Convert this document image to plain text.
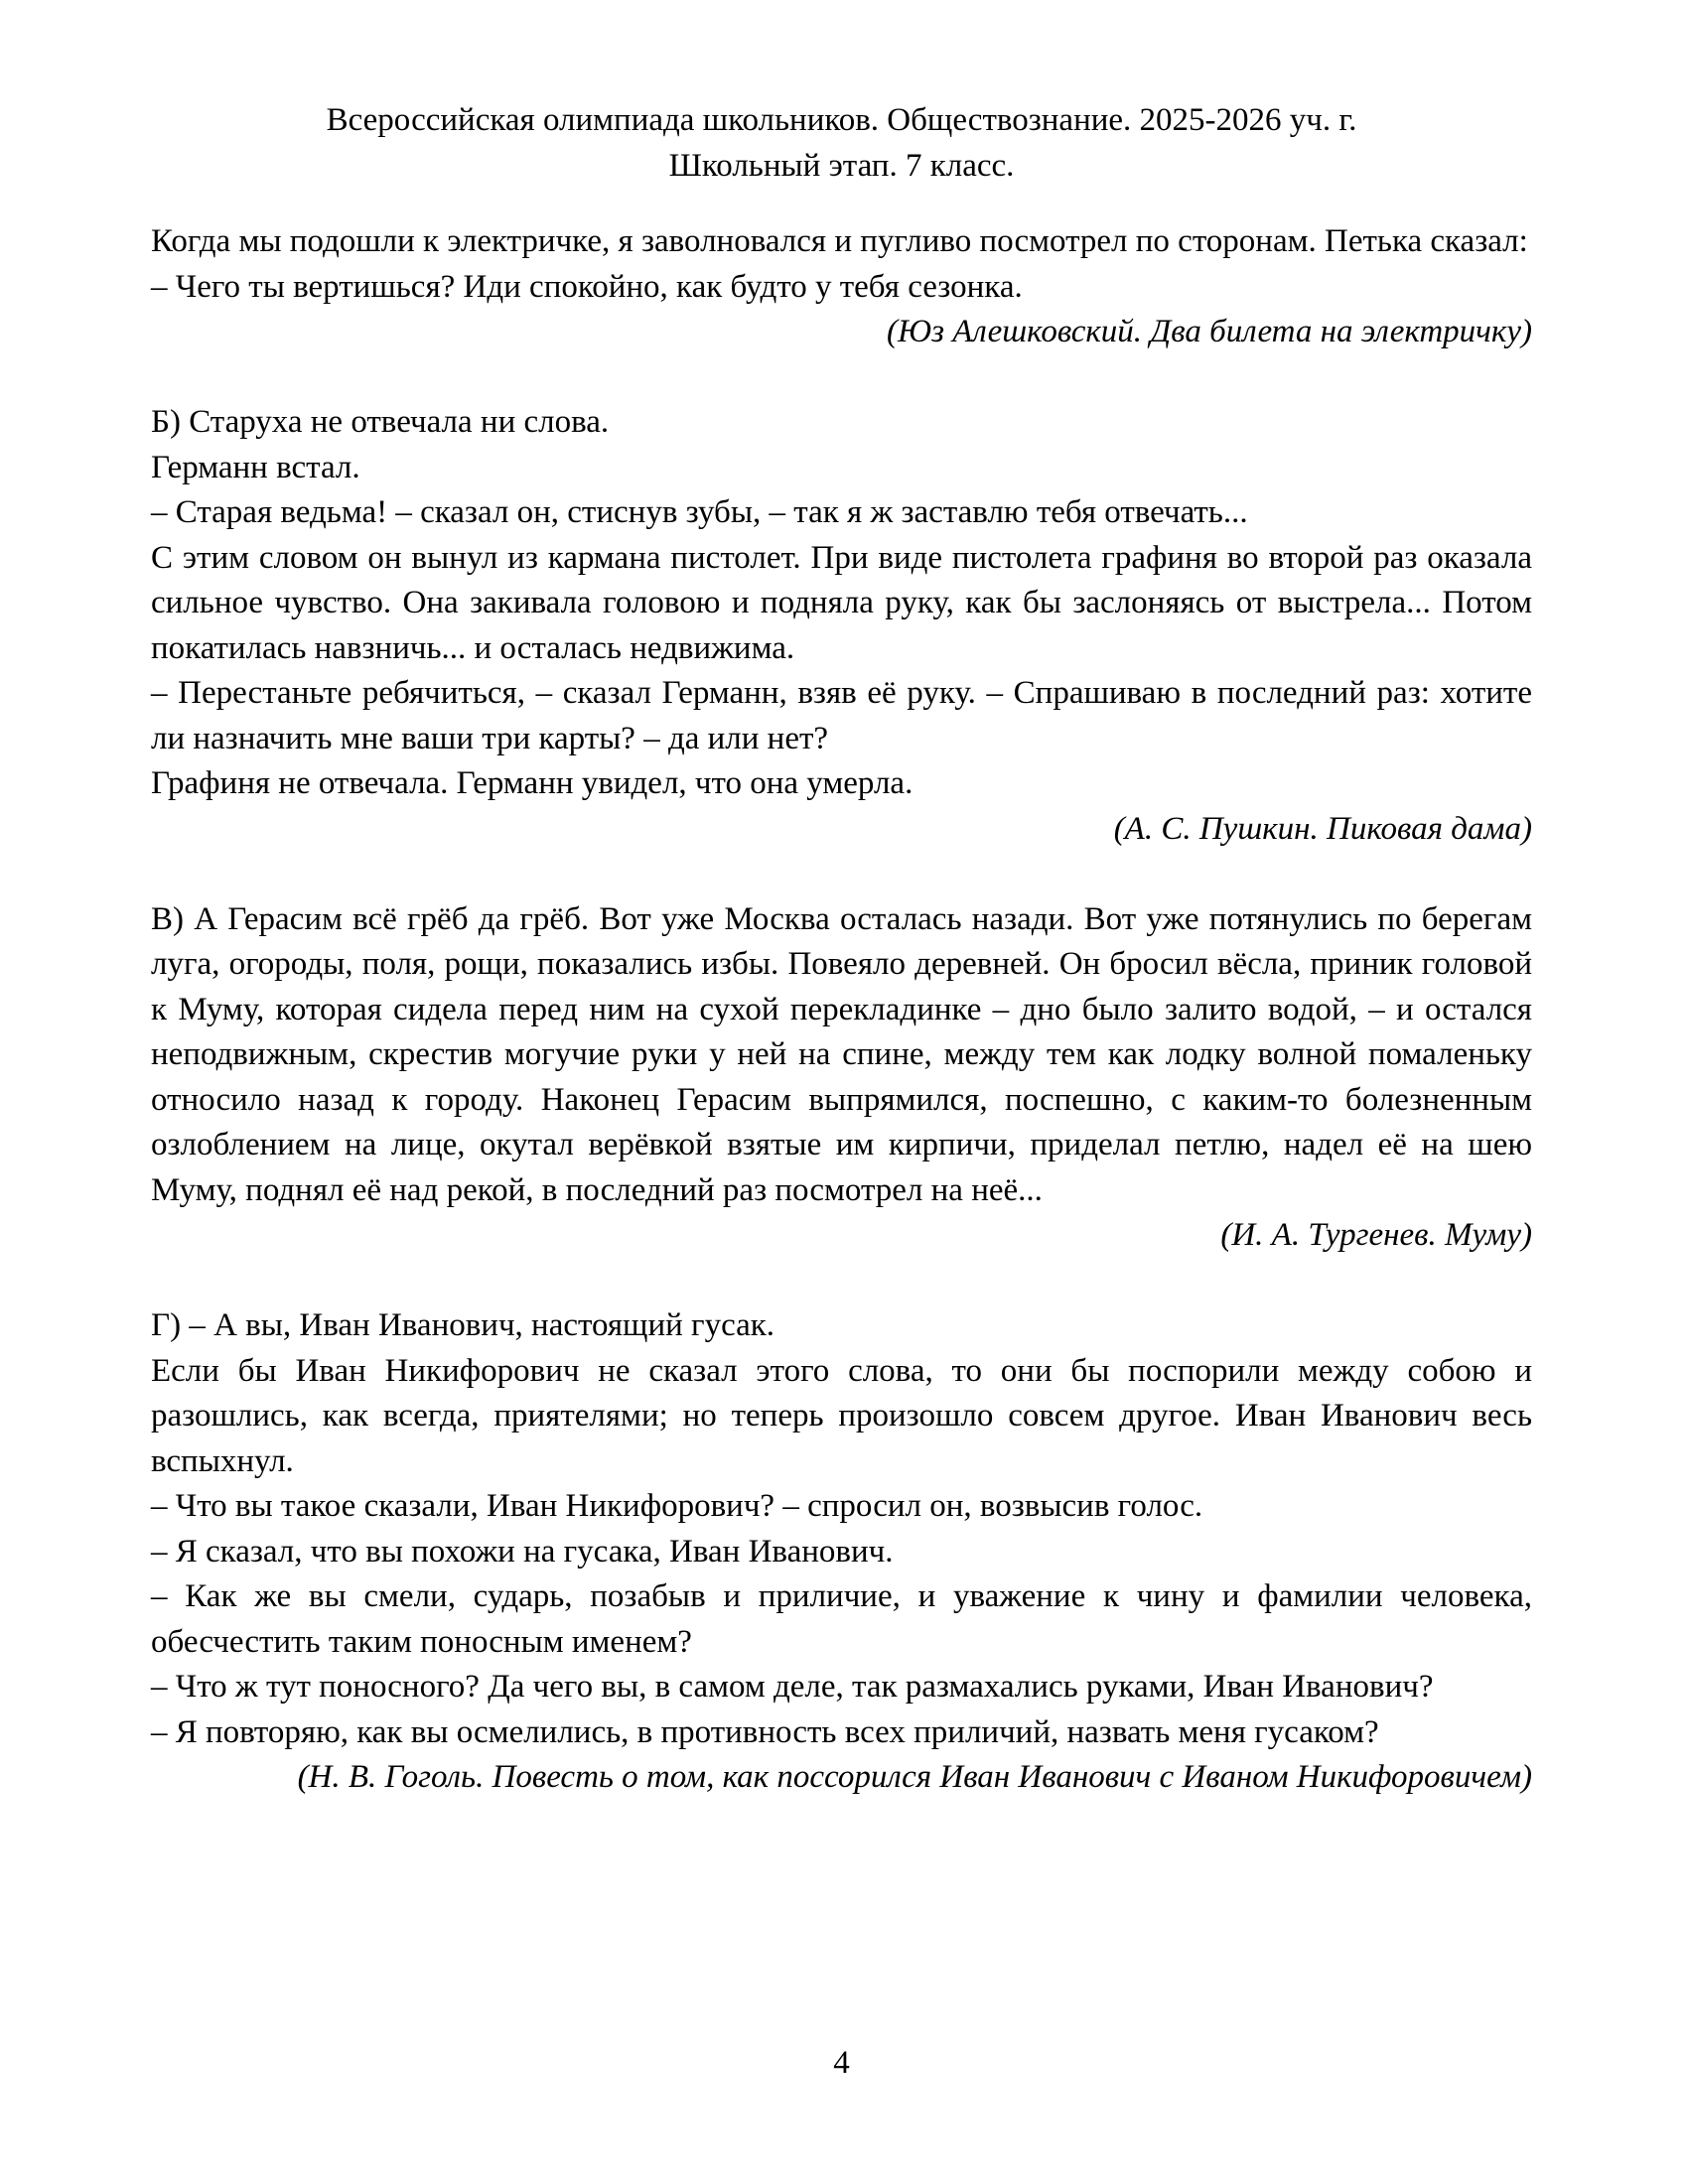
Всероссийская олимпиада школьников. Обществознание. 2025-2026 уч. г.
Школьный этап. 7 класс.

Когда мы подошли к электричке, я заволновался и пугливо посмотрел по сторонам. Петька сказал:

– Чего ты вертишься? Иди спокойно, как будто у тебя сезонка.

(Юз Алешковский. Два билета на электричку)

Б) Старуха не отвечала ни слова.

Германн встал.

– Старая ведьма! – сказал он, стиснув зубы, – так я ж заставлю тебя отвечать...

С этим словом он вынул из кармана пистолет. При виде пистолета графиня во второй раз оказала сильное чувство. Она закивала головою и подняла руку, как бы заслоняясь от выстрела... Потом покатилась навзничь... и осталась недвижима.

– Перестаньте ребячиться, – сказал Германн, взяв её руку. – Спрашиваю в последний раз: хотите ли назначить мне ваши три карты? – да или нет?

Графиня не отвечала. Германн увидел, что она умерла.

(А. С. Пушкин. Пиковая дама)

В) А Герасим всё грёб да грёб. Вот уже Москва осталась назади. Вот уже потянулись по берегам луга, огороды, поля, рощи, показались избы. Повеяло деревней. Он бросил вёсла, приник головой к Муму, которая сидела перед ним на сухой перекладинке – дно было залито водой, – и остался неподвижным, скрестив могучие руки у ней на спине, между тем как лодку волной помаленьку относило назад к городу. Наконец Герасим выпрямился, поспешно, с каким-то болезненным озлоблением на лице, окутал верёвкой взятые им кирпичи, приделал петлю, надел её на шею Муму, поднял её над рекой, в последний раз посмотрел на неё...

(И. А. Тургенев. Муму)

Г) – А вы, Иван Иванович, настоящий гусак.

Если бы Иван Никифорович не сказал этого слова, то они бы поспорили между собою и разошлись, как всегда, приятелями; но теперь произошло совсем другое. Иван Иванович весь вспыхнул.

– Что вы такое сказали, Иван Никифорович? – спросил он, возвысив голос.

– Я сказал, что вы похожи на гусака, Иван Иванович.

– Как же вы смели, сударь, позабыв и приличие, и уважение к чину и фамилии человека, обесчестить таким поносным именем?

– Что ж тут поносного? Да чего вы, в самом деле, так размахались руками, Иван Иванович?

– Я повторяю, как вы осмелились, в противность всех приличий, назвать меня гусаком?

(Н. В. Гоголь. Повесть о том, как поссорился Иван Иванович с Иваном Никифоровичем)

4
